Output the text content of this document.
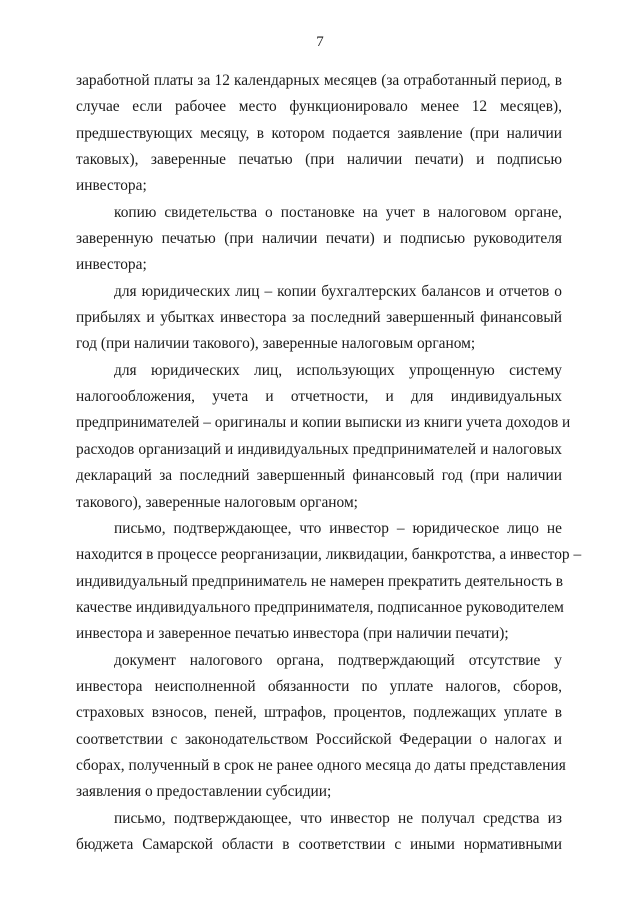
7
заработной платы за 12 календарных месяцев (за отработанный период, в
случае если рабочее место функционировало менее 12 месяцев),
предшествующих месяцу, в котором подается заявление (при наличии
таковых), заверенные печатью (при наличии печати) и подписью
инвестора;
копию свидетельства о постановке на учет в налоговом органе,
заверенную печатью (при наличии печати) и подписью руководителя
инвестора;
для юридических лиц – копии бухгалтерских балансов и отчетов о
прибылях и убытках инвестора за последний завершенный финансовый
год (при наличии такового), заверенные налоговым органом;
для юридических лиц, использующих упрощенную систему
налогообложения, учета и отчетности, и для индивидуальных
предпринимателей – оригиналы и копии выписки из книги учета доходов и
расходов организаций и индивидуальных предпринимателей и налоговых
деклараций за последний завершенный финансовый год (при наличии
такового), заверенные налоговым органом;
письмо, подтверждающее, что инвестор – юридическое лицо не
находится в процессе реорганизации, ликвидации, банкротства, а инвестор –
индивидуальный предприниматель не намерен прекратить деятельность в
качестве индивидуального предпринимателя, подписанное руководителем
инвестора и заверенное печатью инвестора (при наличии печати);
документ налогового органа, подтверждающий отсутствие у
инвестора неисполненной обязанности по уплате налогов, сборов,
страховых взносов, пеней, штрафов, процентов, подлежащих уплате в
соответствии с законодательством Российской Федерации о налогах и
сборах, полученный в срок не ранее одного месяца до даты представления
заявления о предоставлении субсидии;
письмо, подтверждающее, что инвестор не получал средства из
бюджета Самарской области в соответствии с иными нормативными
